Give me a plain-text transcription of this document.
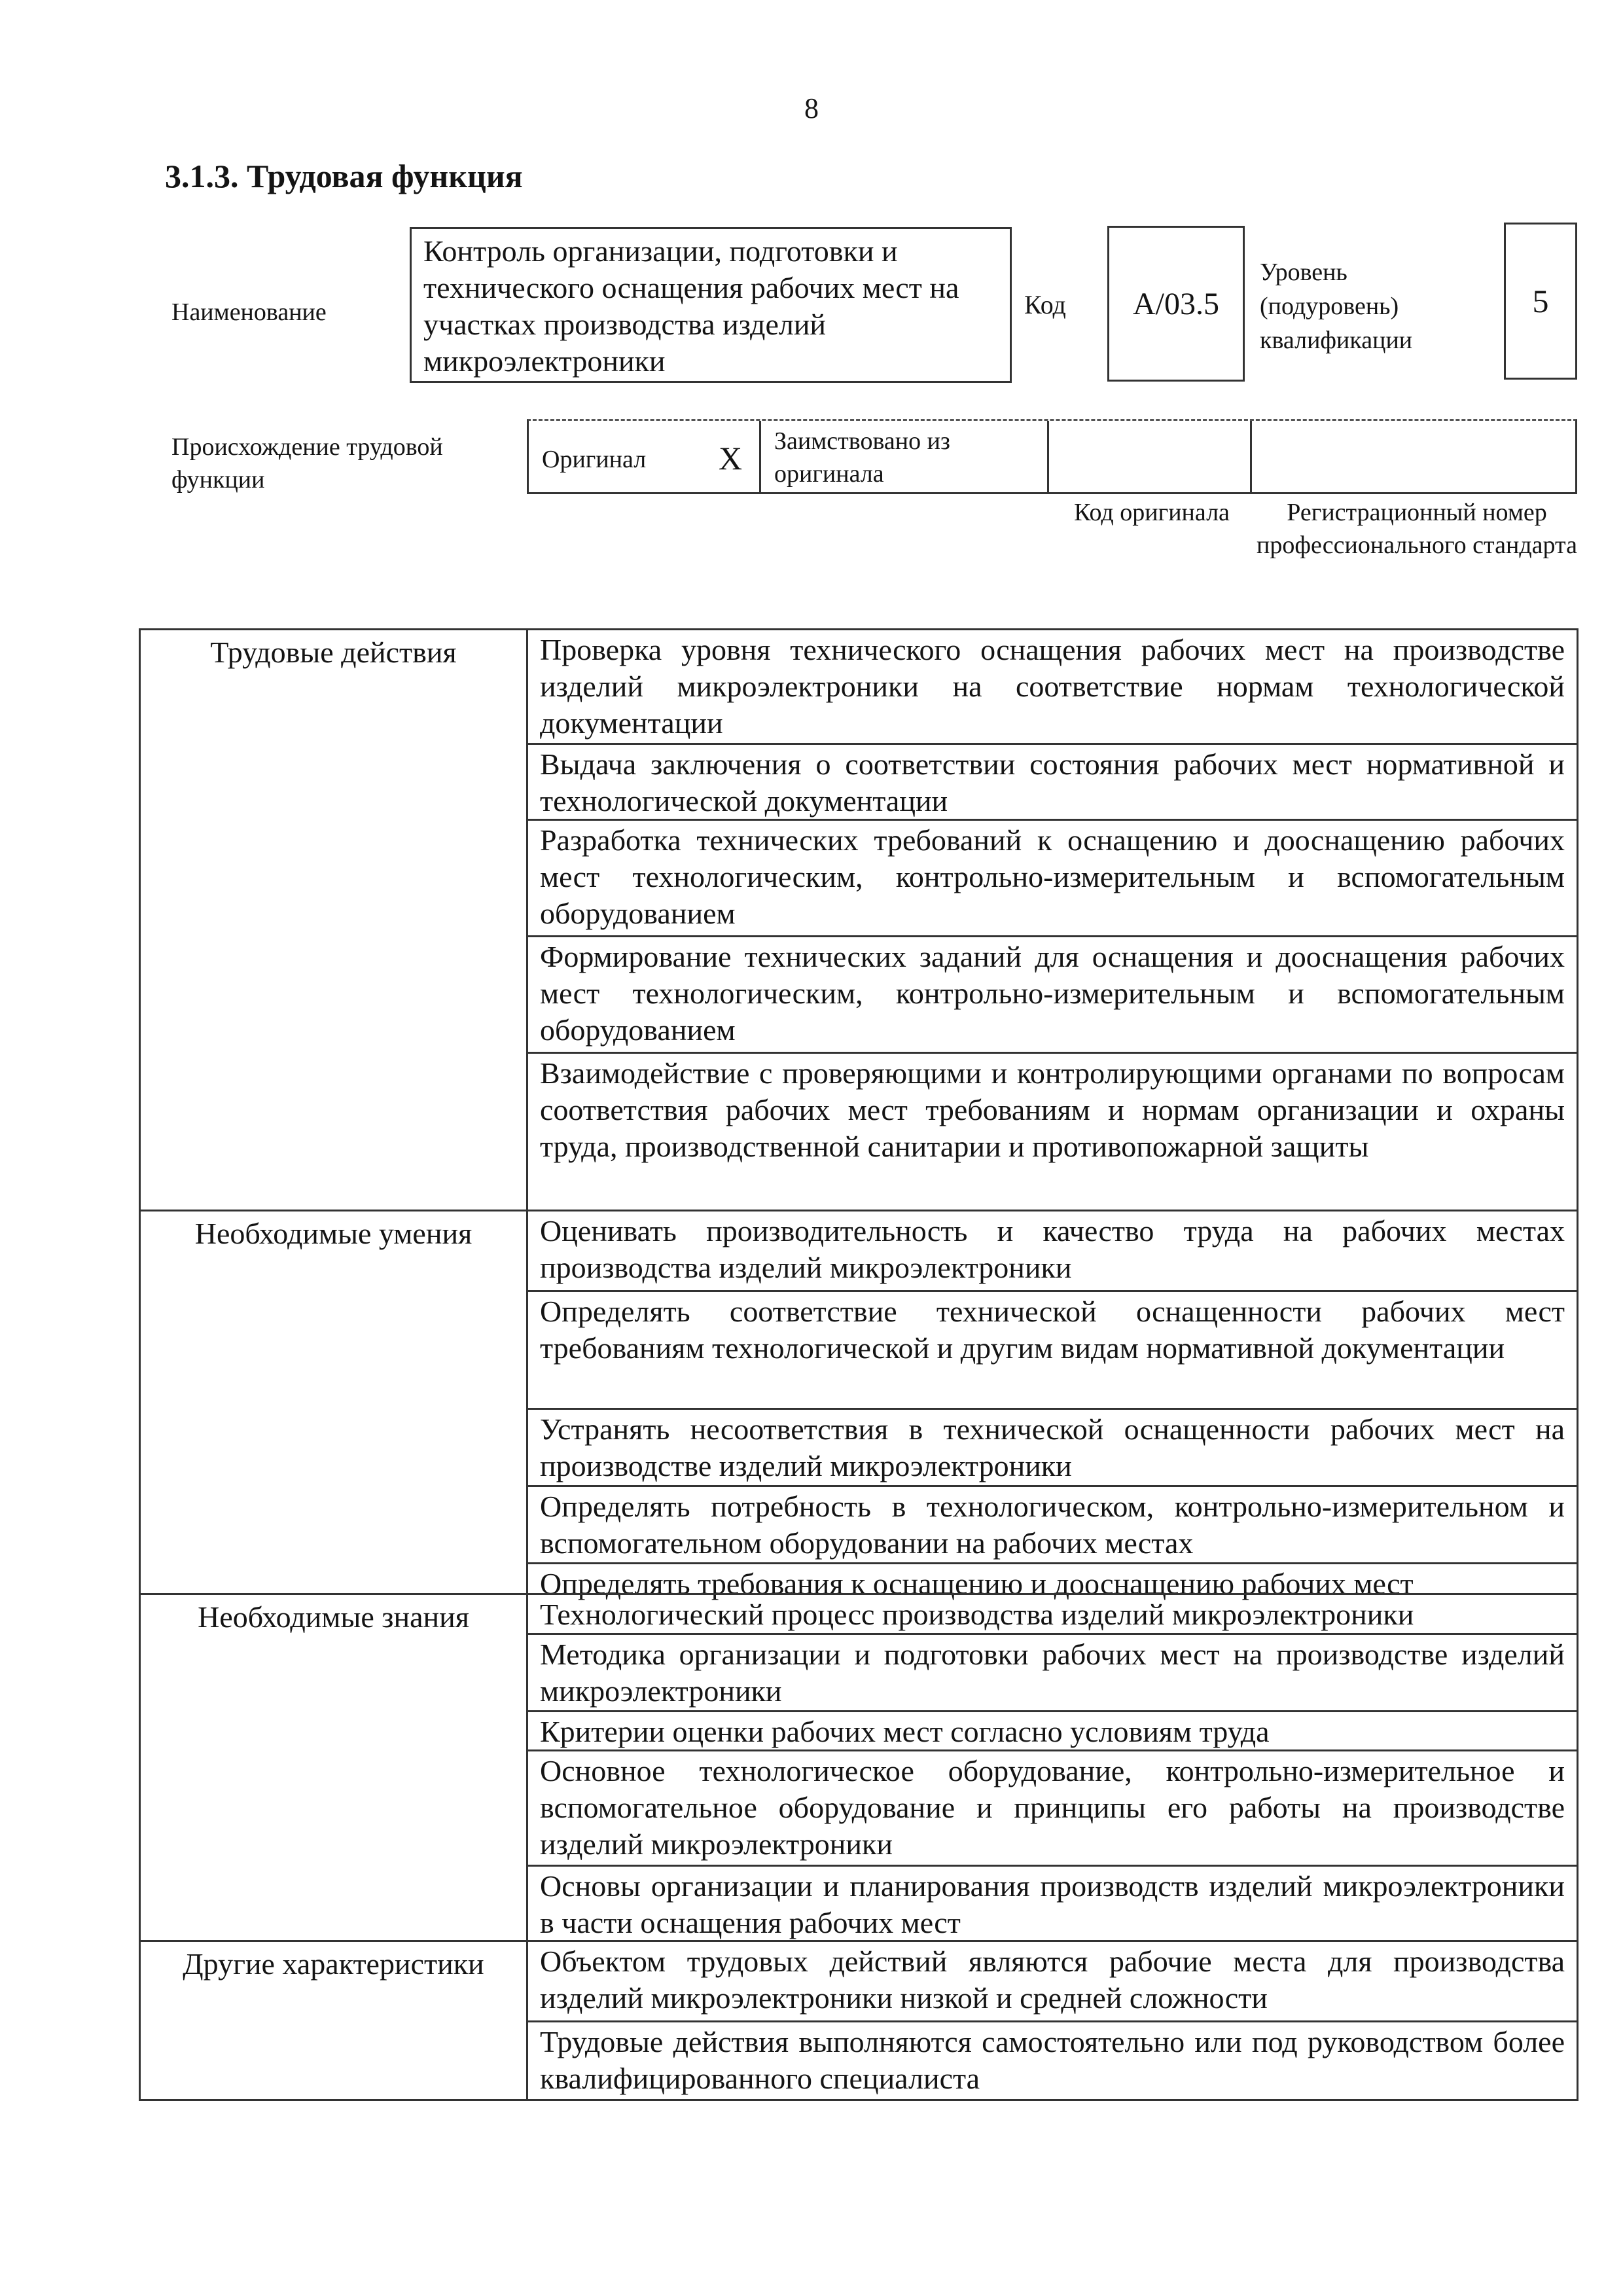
8
3.1.3. Трудовая функция
Наименование
Контроль организации, подготовки и технического оснащения рабочих мест на участках производства изделий микроэлектроники
Код A/03.5
Уровень (подуровень) квалификации
5
Происхождение трудовой функции
Оригинал X Заимствовано из оригинала
Код оригинала	Регистрационный номер профессионального стандарта
Трудовые действия	Проверка уровня технического оснащения рабочих мест на производстве изделий микроэлектроники на соответствие нормам технологической документации
Выдача заключения о соответствии состояния рабочих мест нормативной и технологической документации
Разработка технических требований к оснащению и дооснащению рабочих мест технологическим, контрольно-измерительным и вспомогательным оборудованием
Формирование технических заданий для оснащения и дооснащения рабочих мест технологическим, контрольно-измерительным и вспомогательным оборудованием
Взаимодействие с проверяющими и контролирующими органами по вопросам соответствия рабочих мест требованиям и нормам организации и охраны труда, производственной санитарии и противопожарной защиты
Необходимые умения	Оценивать производительность и качество труда на рабочих местах производства изделий микроэлектроники
Определять соответствие технической оснащенности рабочих мест требованиям технологической и другим видам нормативной документации
Устранять несоответствия в технической оснащенности рабочих мест на производстве изделий микроэлектроники
Определять потребность в технологическом, контрольно-измерительном и вспомогательном оборудовании на рабочих местах
Определять требования к оснащению и дооснащению рабочих мест
Необходимые знания	Технологический процесс производства изделий микроэлектроники
Методика организации и подготовки рабочих мест на производстве изделий микроэлектроники
Критерии оценки рабочих мест согласно условиям труда
Основное технологическое оборудование, контрольно-измерительное и вспомогательное оборудование и принципы его работы на производстве изделий микроэлектроники
Основы организации и планирования производств изделий микроэлектроники в части оснащения рабочих мест
Другие характеристики	Объектом трудовых действий являются рабочие места для производства изделий микроэлектроники низкой и средней сложности
Трудовые действия выполняются самостоятельно или под руководством более квалифицированного специалиста
